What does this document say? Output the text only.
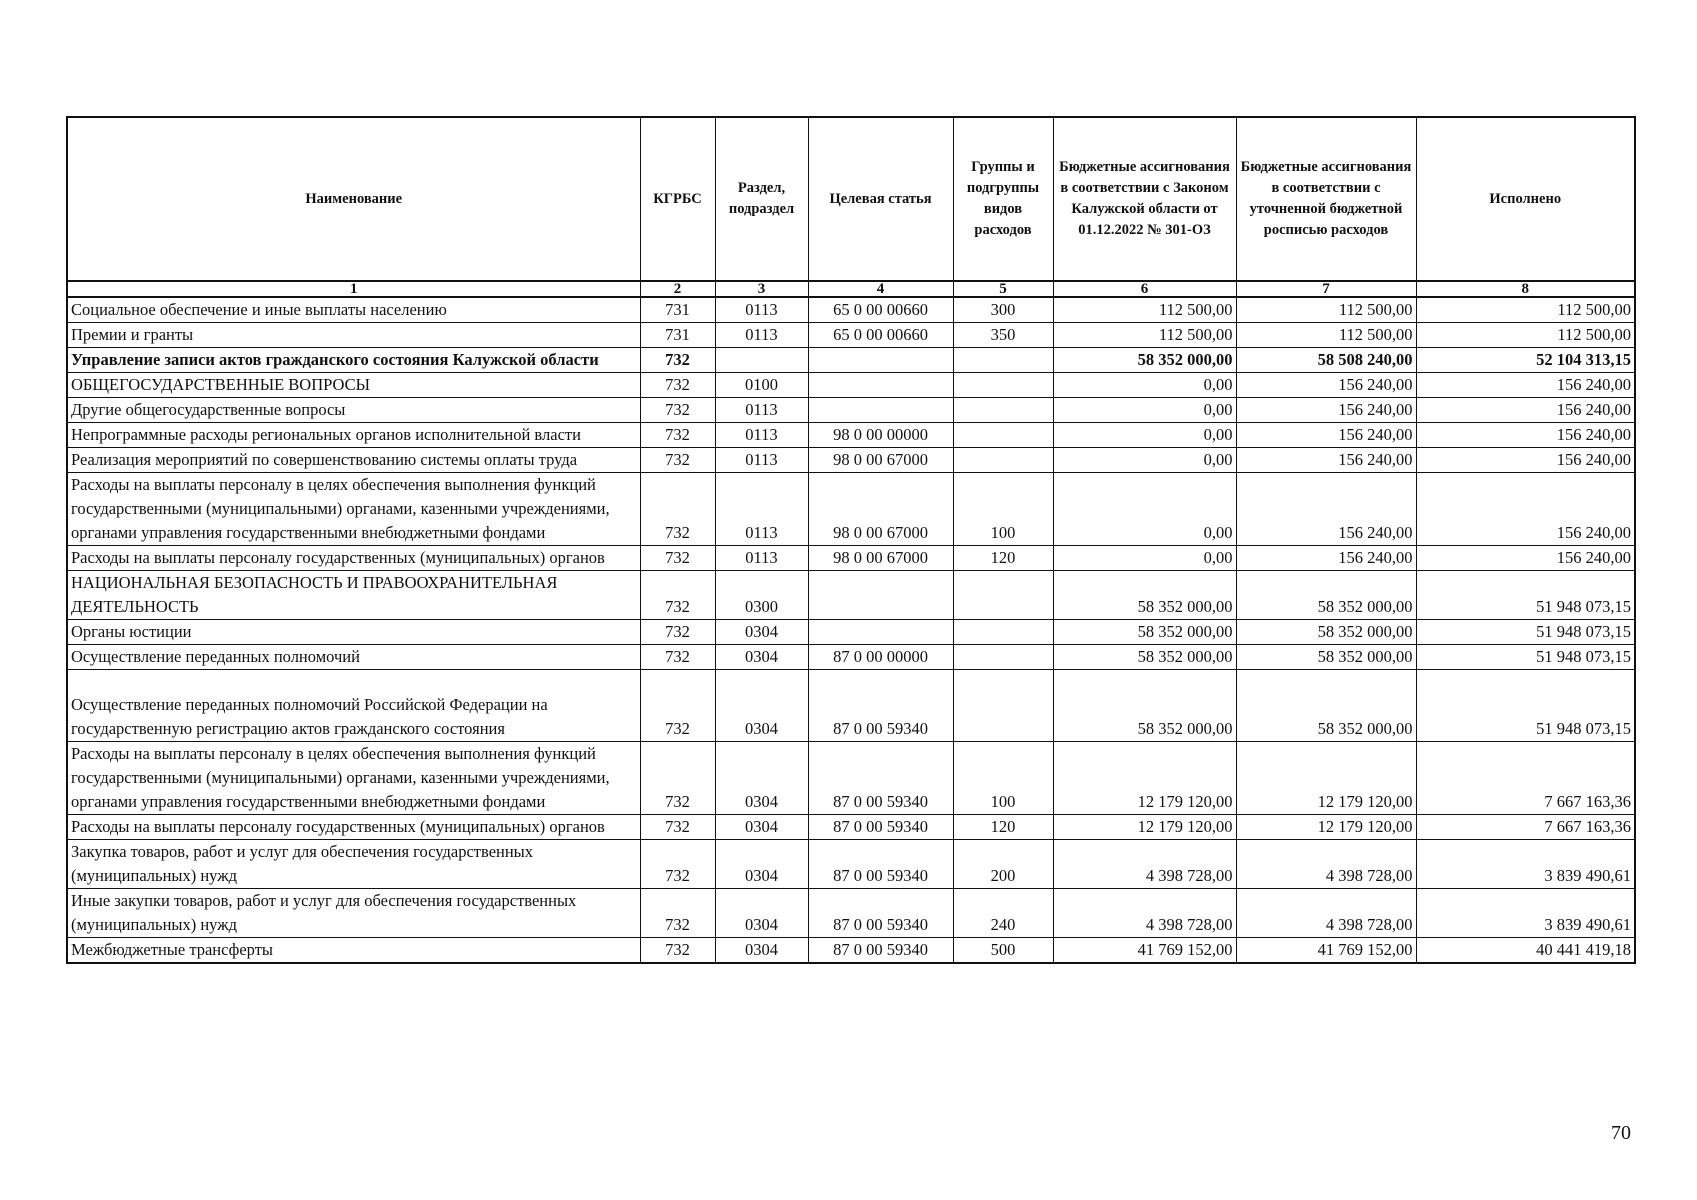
Наименование	КГРБС	Раздел, подраздел	Целевая статья	Группы и подгруппы видов расходов	Бюджетные ассигнования в соответствии с Законом Калужской области от 01.12.2022 № 301-ОЗ	Бюджетные ассигнования в соответствии с уточненной бюджетной росписью расходов	Исполнено
1	2	3	4	5	6	7	8
Социальное обеспечение и иные выплаты населению	731	0113	65 0 00 00660	300	112 500,00	112 500,00	112 500,00
Премии и гранты	731	0113	65 0 00 00660	350	112 500,00	112 500,00	112 500,00
Управление записи актов гражданского состояния Калужской области	732				58 352 000,00	58 508 240,00	52 104 313,15
ОБЩЕГОСУДАРСТВЕННЫЕ ВОПРОСЫ	732	0100			0,00	156 240,00	156 240,00
Другие общегосударственные вопросы	732	0113			0,00	156 240,00	156 240,00
Непрограммные расходы региональных органов исполнительной власти	732	0113	98 0 00 00000		0,00	156 240,00	156 240,00
Реализация мероприятий по совершенствованию системы оплаты труда	732	0113	98 0 00 67000		0,00	156 240,00	156 240,00
Расходы на выплаты персоналу в целях обеспечения выполнения функций государственными (муниципальными) органами, казенными учреждениями, органами управления государственными внебюджетными фондами	732	0113	98 0 00 67000	100	0,00	156 240,00	156 240,00
Расходы на выплаты персоналу государственных (муниципальных) органов	732	0113	98 0 00 67000	120	0,00	156 240,00	156 240,00
НАЦИОНАЛЬНАЯ БЕЗОПАСНОСТЬ И ПРАВООХРАНИТЕЛЬНАЯ ДЕЯТЕЛЬНОСТЬ	732	0300			58 352 000,00	58 352 000,00	51 948 073,15
Органы юстиции	732	0304			58 352 000,00	58 352 000,00	51 948 073,15
Осуществление переданных полномочий	732	0304	87 0 00 00000		58 352 000,00	58 352 000,00	51 948 073,15
Осуществление переданных полномочий Российской Федерации на государственную регистрацию актов гражданского состояния	732	0304	87 0 00 59340		58 352 000,00	58 352 000,00	51 948 073,15
Расходы на выплаты персоналу в целях обеспечения выполнения функций государственными (муниципальными) органами, казенными учреждениями, органами управления государственными внебюджетными фондами	732	0304	87 0 00 59340	100	12 179 120,00	12 179 120,00	7 667 163,36
Расходы на выплаты персоналу государственных (муниципальных) органов	732	0304	87 0 00 59340	120	12 179 120,00	12 179 120,00	7 667 163,36
Закупка товаров, работ и услуг для обеспечения государственных (муниципальных) нужд	732	0304	87 0 00 59340	200	4 398 728,00	4 398 728,00	3 839 490,61
Иные закупки товаров, работ и услуг для обеспечения государственных (муниципальных) нужд	732	0304	87 0 00 59340	240	4 398 728,00	4 398 728,00	3 839 490,61
Межбюджетные трансферты	732	0304	87 0 00 59340	500	41 769 152,00	41 769 152,00	40 441 419,18
70
